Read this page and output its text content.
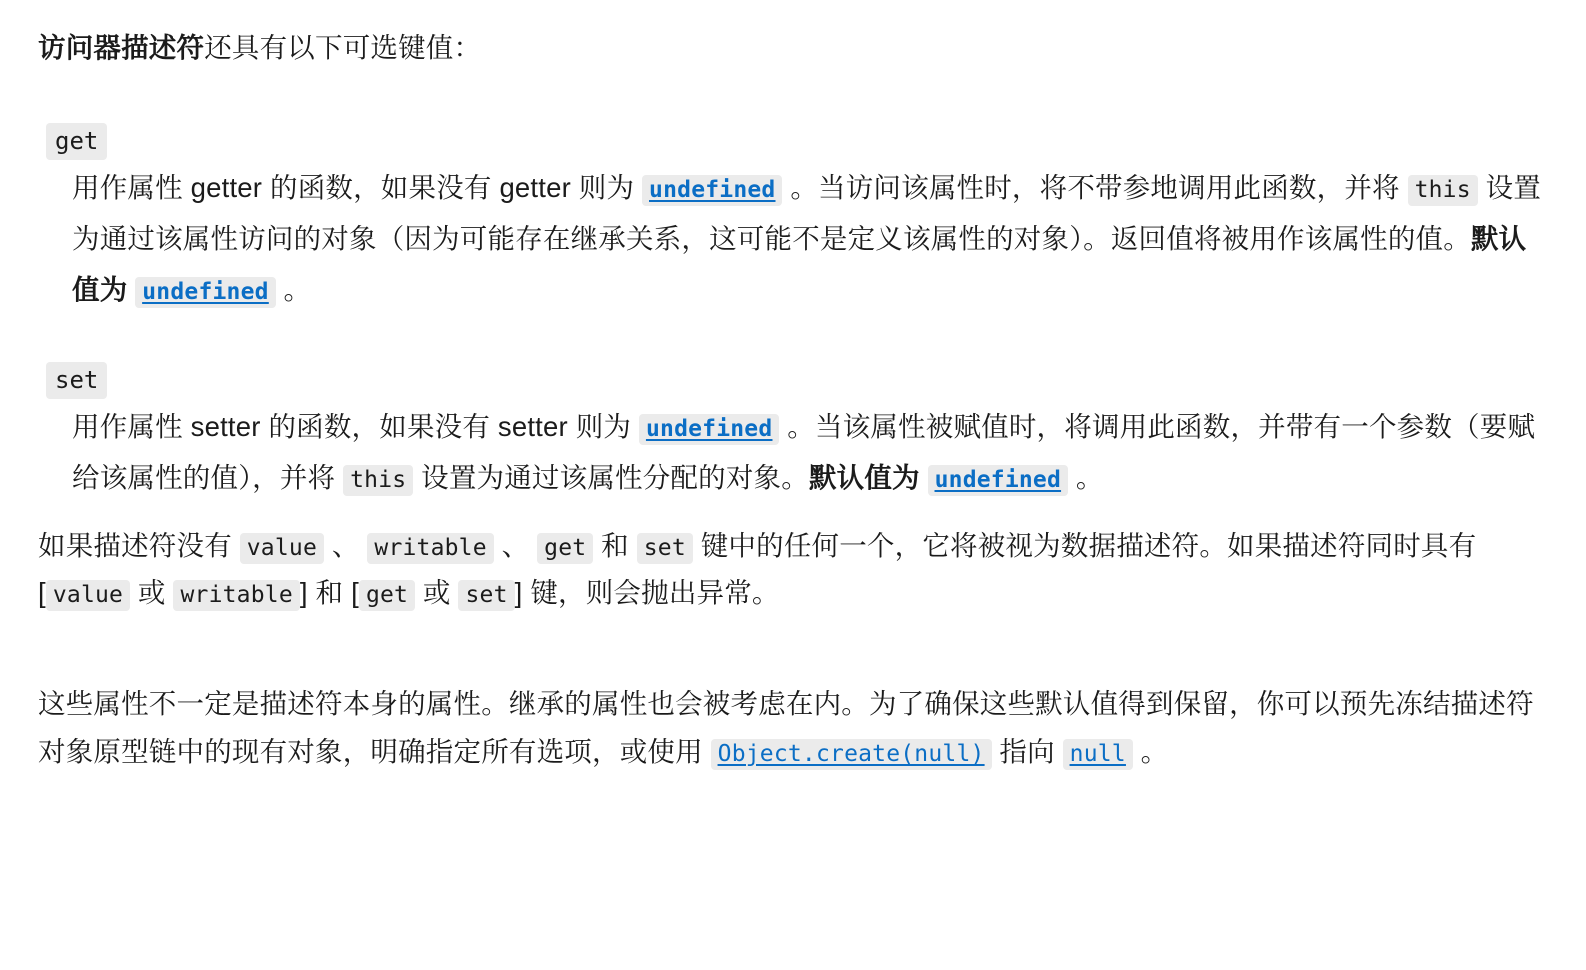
访问器描述符还具有以下可选键值：

get

用作属性 getter 的函数，如果没有 getter 则为 undefined 。当访问该属性时，将不带参地调用此函数，并将 this 设置为通过该属性访问的对象（因为可能存在继承关系，这可能不是定义该属性的对象）。返回值将被用作该属性的值。默认值为 undefined 。

set

用作属性 setter 的函数，如果没有 setter 则为 undefined 。当该属性被赋值时，将调用此函数，并带有一个参数（要赋给该属性的值），并将 this 设置为通过该属性分配的对象。默认值为 undefined 。

如果描述符没有 value 、 writable 、 get 和 set 键中的任何一个，它将被视为数据描述符。如果描述符同时具有 [ value 或 writable ] 和 [ get 或 set ] 键，则会抛出异常。

这些属性不一定是描述符本身的属性。继承的属性也会被考虑在内。为了确保这些默认值得到保留，你可以预先冻结描述符对象原型链中的现有对象，明确指定所有选项，或使用 Object.create(null) 指向 null 。
